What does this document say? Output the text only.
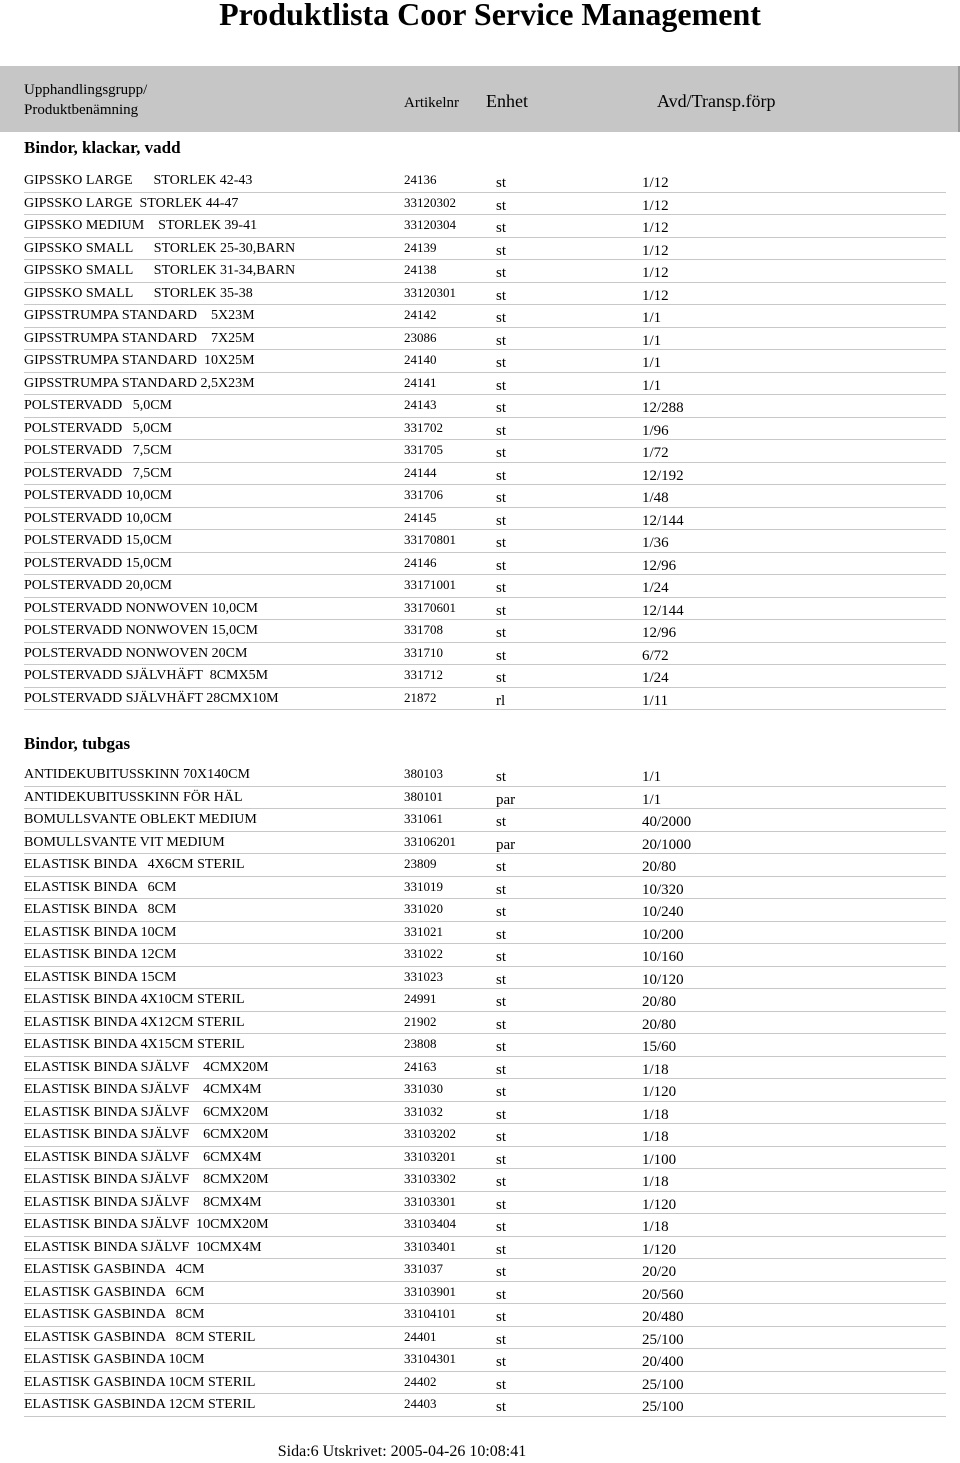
Produktlista Coor Service Management
Upphandlingsgrupp/
Produktbenämning	Artikelnr Enhet	Avd/Transp.förp
Bindor, klackar, vadd
GIPSSKO LARGE      STORLEK 42-43	24136	st	1/12
GIPSSKO LARGE  STORLEK 44-47	33120302	st	1/12
GIPSSKO MEDIUM    STORLEK 39-41	33120304	st	1/12
GIPSSKO SMALL      STORLEK 25-30,BARN	24139	st	1/12
GIPSSKO SMALL      STORLEK 31-34,BARN	24138	st	1/12
GIPSSKO SMALL      STORLEK 35-38	33120301	st	1/12
GIPSSTRUMPA STANDARD    5X23M	24142	st	1/1
GIPSSTRUMPA STANDARD    7X25M	23086	st	1/1
GIPSSTRUMPA STANDARD  10X25M	24140	st	1/1
GIPSSTRUMPA STANDARD 2,5X23M	24141	st	1/1
POLSTERVADD   5,0CM	24143	st	12/288
POLSTERVADD   5,0CM	331702	st	1/96
POLSTERVADD   7,5CM	331705	st	1/72
POLSTERVADD   7,5CM	24144	st	12/192
POLSTERVADD 10,0CM	331706	st	1/48
POLSTERVADD 10,0CM	24145	st	12/144
POLSTERVADD 15,0CM	33170801	st	1/36
POLSTERVADD 15,0CM	24146	st	12/96
POLSTERVADD 20,0CM	33171001	st	1/24
POLSTERVADD NONWOVEN 10,0CM	33170601	st	12/144
POLSTERVADD NONWOVEN 15,0CM	331708	st	12/96
POLSTERVADD NONWOVEN 20CM	331710	st	6/72
POLSTERVADD SJÄLVHÄFT  8CMX5M	331712	st	1/24
POLSTERVADD SJÄLVHÄFT 28CMX10M	21872	rl	1/11
Bindor, tubgas
ANTIDEKUBITUSSKINN 70X140CM	380103	st	1/1
ANTIDEKUBITUSSKINN FÖR HÄL	380101	par	1/1
BOMULLSVANTE OBLEKT MEDIUM	331061	st	40/2000
BOMULLSVANTE VIT MEDIUM	33106201	par	20/1000
ELASTISK BINDA   4X6CM STERIL	23809	st	20/80
ELASTISK BINDA   6CM	331019	st	10/320
ELASTISK BINDA   8CM	331020	st	10/240
ELASTISK BINDA 10CM	331021	st	10/200
ELASTISK BINDA 12CM	331022	st	10/160
ELASTISK BINDA 15CM	331023	st	10/120
ELASTISK BINDA 4X10CM STERIL	24991	st	20/80
ELASTISK BINDA 4X12CM STERIL	21902	st	20/80
ELASTISK BINDA 4X15CM STERIL	23808	st	15/60
ELASTISK BINDA SJÄLVF    4CMX20M	24163	st	1/18
ELASTISK BINDA SJÄLVF    4CMX4M	331030	st	1/120
ELASTISK BINDA SJÄLVF    6CMX20M	331032	st	1/18
ELASTISK BINDA SJÄLVF    6CMX20M	33103202	st	1/18
ELASTISK BINDA SJÄLVF    6CMX4M	33103201	st	1/100
ELASTISK BINDA SJÄLVF    8CMX20M	33103302	st	1/18
ELASTISK BINDA SJÄLVF    8CMX4M	33103301	st	1/120
ELASTISK BINDA SJÄLVF  10CMX20M	33103404	st	1/18
ELASTISK BINDA SJÄLVF  10CMX4M	33103401	st	1/120
ELASTISK GASBINDA   4CM	331037	st	20/20
ELASTISK GASBINDA   6CM	33103901	st	20/560
ELASTISK GASBINDA   8CM	33104101	st	20/480
ELASTISK GASBINDA   8CM STERIL	24401	st	25/100
ELASTISK GASBINDA 10CM	33104301	st	20/400
ELASTISK GASBINDA 10CM STERIL	24402	st	25/100
ELASTISK GASBINDA 12CM STERIL	24403	st	25/100
Sida:6 Utskrivet: 2005-04-26 10:08:41
